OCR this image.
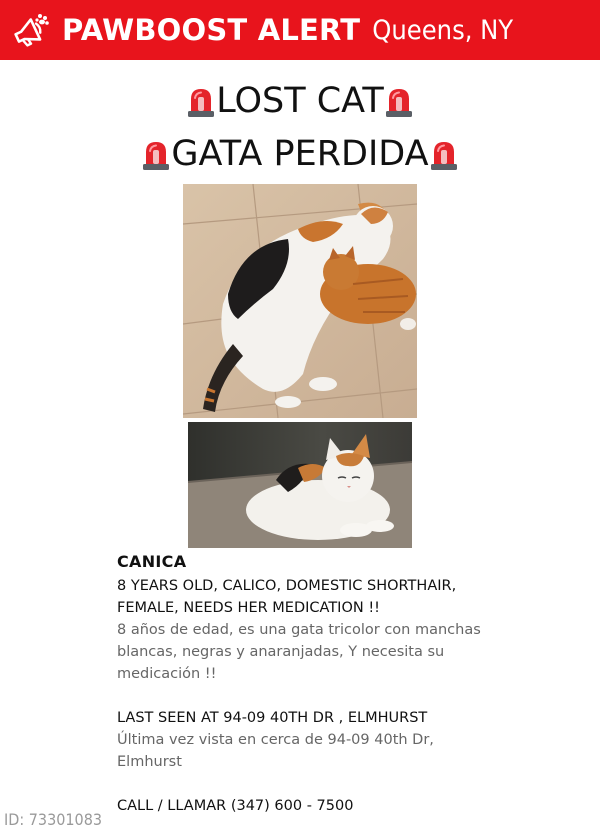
PAWBOOST ALERT Queens, NY
LOST CAT
GATA PERDIDA
CANICA
8 YEARS OLD, CALICO, DOMESTIC SHORTHAIR, FEMALE, NEEDS HER MEDICATION !!
8 años de edad, es una gata tricolor con manchas blancas, negras y anaranjadas, Y necesita su medicación !!
LAST SEEN AT 94-09 40TH DR , ELMHURST
Última vez vista en cerca de 94-09 40th Dr, Elmhurst
CALL / LLAMAR (347) 600 - 7500
ID: 73301083
